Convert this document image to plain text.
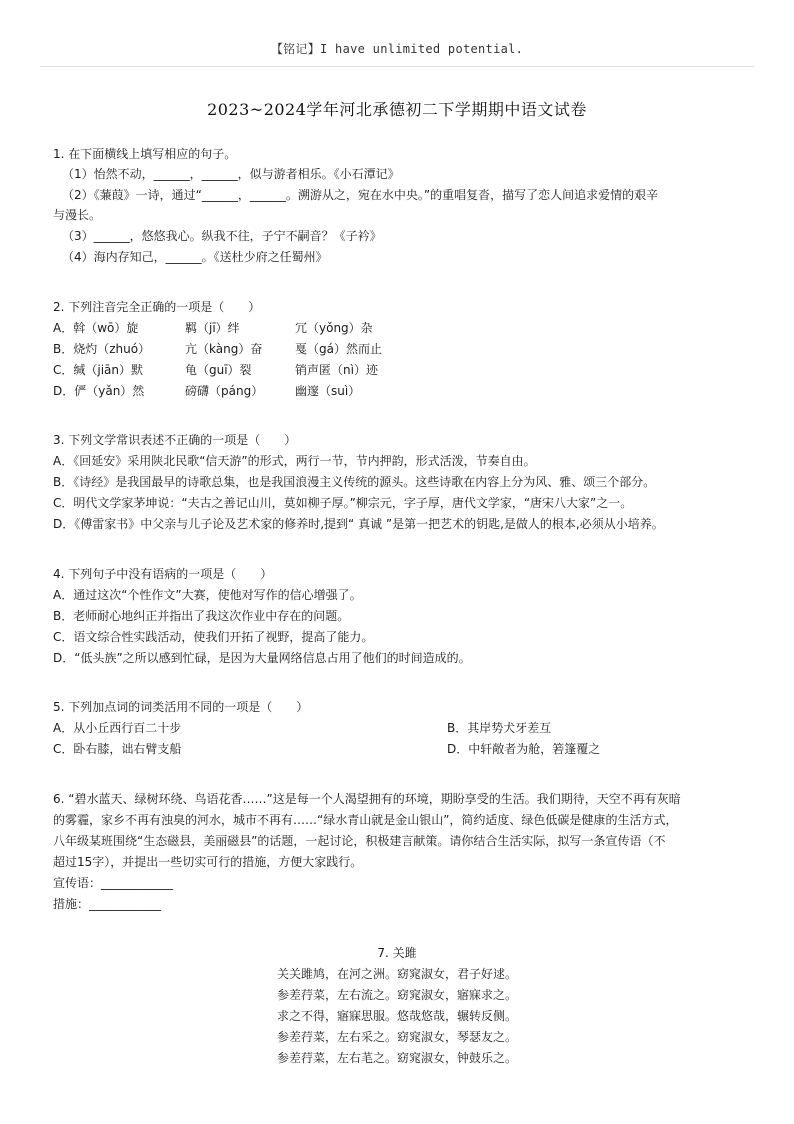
【铭记】I have unlimited potential.
2023~2024学年河北承德初二下学期期中语文试卷
1. 在下面横线上填写相应的句子。
（1）怡然不动，______，______，似与游者相乐。《小石潭记》
（2）《蒹葭》一诗，通过“______，______。溯游从之，宛在水中央。”的重唱复沓，描写了恋人间追求爱情的艰辛
与漫长。
（3）______，悠悠我心。纵我不往，子宁不嗣音？《子衿》
（4）海内存知己，______。《送杜少府之任蜀州》
2. 下列注音完全正确的一项是（　　）
A．斡（wō）旋	羁（jī）绊	冗（yǒng）杂
B．烧灼（zhuó）	亢（kàng）奋	戛（gá）然而止
C．缄（jiān）默	龟（guī）裂	销声匿（nì）迹
D．俨（yǎn）然	磅礴（páng）	幽邃（suì）
3. 下列文学常识表述不正确的一项是（　　）
A．《回延安》采用陕北民歌“信天游”的形式，两行一节，节内押韵，形式活泼，节奏自由。
B．《诗经》是我国最早的诗歌总集，也是我国浪漫主义传统的源头。这些诗歌在内容上分为风、雅、颂三个部分。
C．明代文学家茅坤说：“夫古之善记山川，莫如柳子厚。”柳宗元，字子厚，唐代文学家，“唐宋八大家”之一。
D．《傅雷家书》中父亲与儿子论及艺术家的修养时,提到“ 真诚 ”是第一把艺术的钥匙,是做人的根本,必须从小培养。
4. 下列句子中没有语病的一项是（　　）
A．通过这次“个性作文”大赛，使他对写作的信心增强了。
B．老师耐心地纠正并指出了我这次作业中存在的问题。
C．语文综合性实践活动，使我们开拓了视野，提高了能力。
D．“低头族”之所以感到忙碌，是因为大量网络信息占用了他们的时间造成的。
5. 下列加点词的词类活用不同的一项是（　　）
A．从小丘西行百二十步	B．其岸势犬牙差互
C．卧右膝，诎右臂支船	D．中轩敞者为舱，箬篷覆之
6. “碧水蓝天、绿树环绕、鸟语花香……”这是每一个人渴望拥有的环境，期盼享受的生活。我们期待，天空不再有灰暗
的雾霾，家乡不再有浊臭的河水，城市不再有……“绿水青山就是金山银山”，简约适度、绿色低碳是健康的生活方式，
八年级某班围绕“生态磁县，美丽磁县”的话题，一起讨论，积极建言献策。请你结合生活实际，拟写一条宣传语（不
超过15字），并提出一些切实可行的措施，方便大家践行。
宣传语：____________
措施：____________
7. 关雎
关关雎鸠，在河之洲。窈窕淑女，君子好逑。
参差荇菜，左右流之。窈窕淑女，寤寐求之。
求之不得，寤寐思服。悠哉悠哉，辗转反侧。
参差荇菜，左右采之。窈窕淑女，琴瑟友之。
参差荇菜，左右芼之。窈窕淑女，钟鼓乐之。
